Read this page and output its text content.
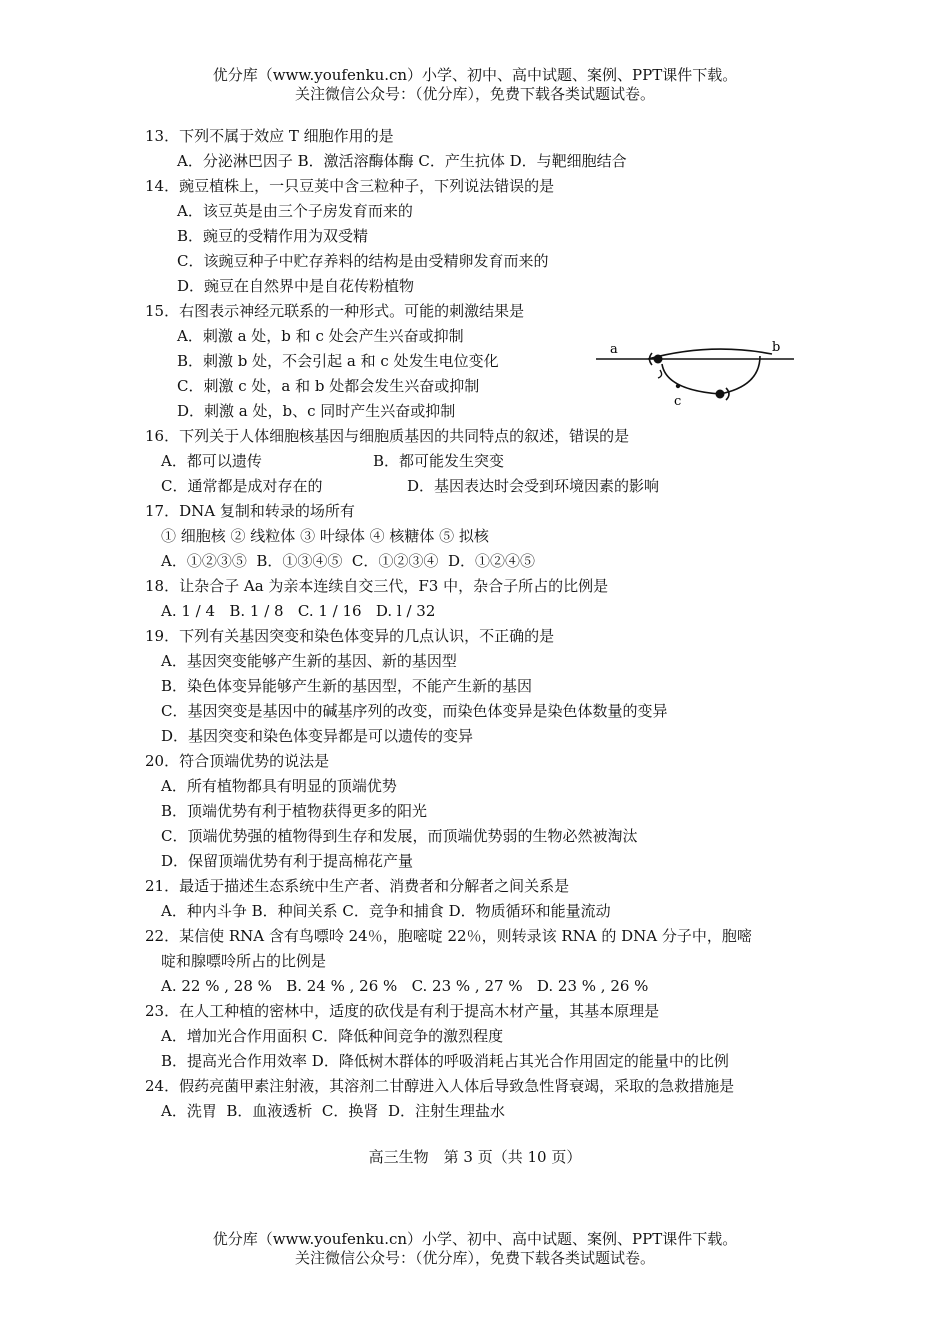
优分库（www.youfenku.cn）小学、初中、高中试题、案例、PPT课件下载。
关注微信公众号：（优分库），免费下载各类试题试卷。
13．下列不属于效应 T 细胞作用的是
A．分泌淋巴因子 B．激活溶酶体酶 C．产生抗体 D．与靶细胞结合
14．豌豆植株上，一只豆荚中含三粒种子，下列说法错误的是
A．该豆英是由三个子房发育而来的
B．豌豆的受精作用为双受精
C．该豌豆种子中贮存养料的结构是由受精卵发育而来的
D．豌豆在自然界中是自花传粉植物
15．右图表示神经元联系的一种形式。可能的刺激结果是
A．刺激 a 处，b 和 c 处会产生兴奋或抑制
B．刺激 b 处，不会引起 a 和 c 处发生电位变化
C．刺激 c 处，a 和 b 处都会发生兴奋或抑制
D．刺激 a 处，b、c 同时产生兴奋或抑制
16．下列关于人体细胞核基因与细胞质基因的共同特点的叙述，错误的是
A．都可以遗传	B．都可能发生突变
C．通常都是成对存在的	D．基因表达时会受到环境因素的影响
17．DNA 复制和转录的场所有
① 细胞核 ② 线粒体 ③ 叶绿体 ④ 核糖体 ⑤ 拟核
A．①②③⑤  B．①③④⑤  C．①②③④  D．①②④⑤
18．让杂合子 Aa 为亲本连续自交三代，F3 中，杂合子所占的比例是
A. 1 / 4   B. 1 / 8   C. 1 / 16   D. l / 32
19．下列有关基因突变和染色体变异的几点认识，不正确的是
A．基因突变能够产生新的基因、新的基因型
B．染色体变异能够产生新的基因型，不能产生新的基因
C．基因突变是基因中的碱基序列的改变，而染色体变异是染色体数量的变异
D．基因突变和染色体变异都是可以遗传的变异
20．符合顶端优势的说法是
A．所有植物都具有明显的顶端优势
B．顶端优势有利于植物获得更多的阳光
C．顶端优势强的植物得到生存和发展，而顶端优势弱的生物必然被淘汰
D．保留顶端优势有利于提高棉花产量
21．最适于描述生态系统中生产者、消费者和分解者之间关系是
A．种内斗争 B．种间关系 C．竞争和捕食 D．物质循环和能量流动
22．某信使 RNA 含有鸟嘌呤 24％，胞嘧啶 22％，则转录该 RNA 的 DNA 分子中，胞嘧
啶和腺嘌呤所占的比例是
A. 22 % , 28 %   B. 24 % , 26 %   C. 23 % , 27 %   D. 23 % , 26 %
23．在人工种植的密林中，适度的砍伐是有利于提高木材产量，其基本原理是
A．增加光合作用面积 C．降低种间竞争的激烈程度
B．提高光合作用效率 D．降低树木群体的呼吸消耗占其光合作用固定的能量中的比例
24．假药亮菌甲素注射液，其溶剂二甘醇进入人体后导致急性肾衰竭，采取的急救措施是
A．洗胃  B．血液透析  C．换肾  D．注射生理盐水
a	b
c
高三生物　第 3 页（共 10 页）
优分库（www.youfenku.cn）小学、初中、高中试题、案例、PPT课件下载。
关注微信公众号：（优分库），免费下载各类试题试卷。
